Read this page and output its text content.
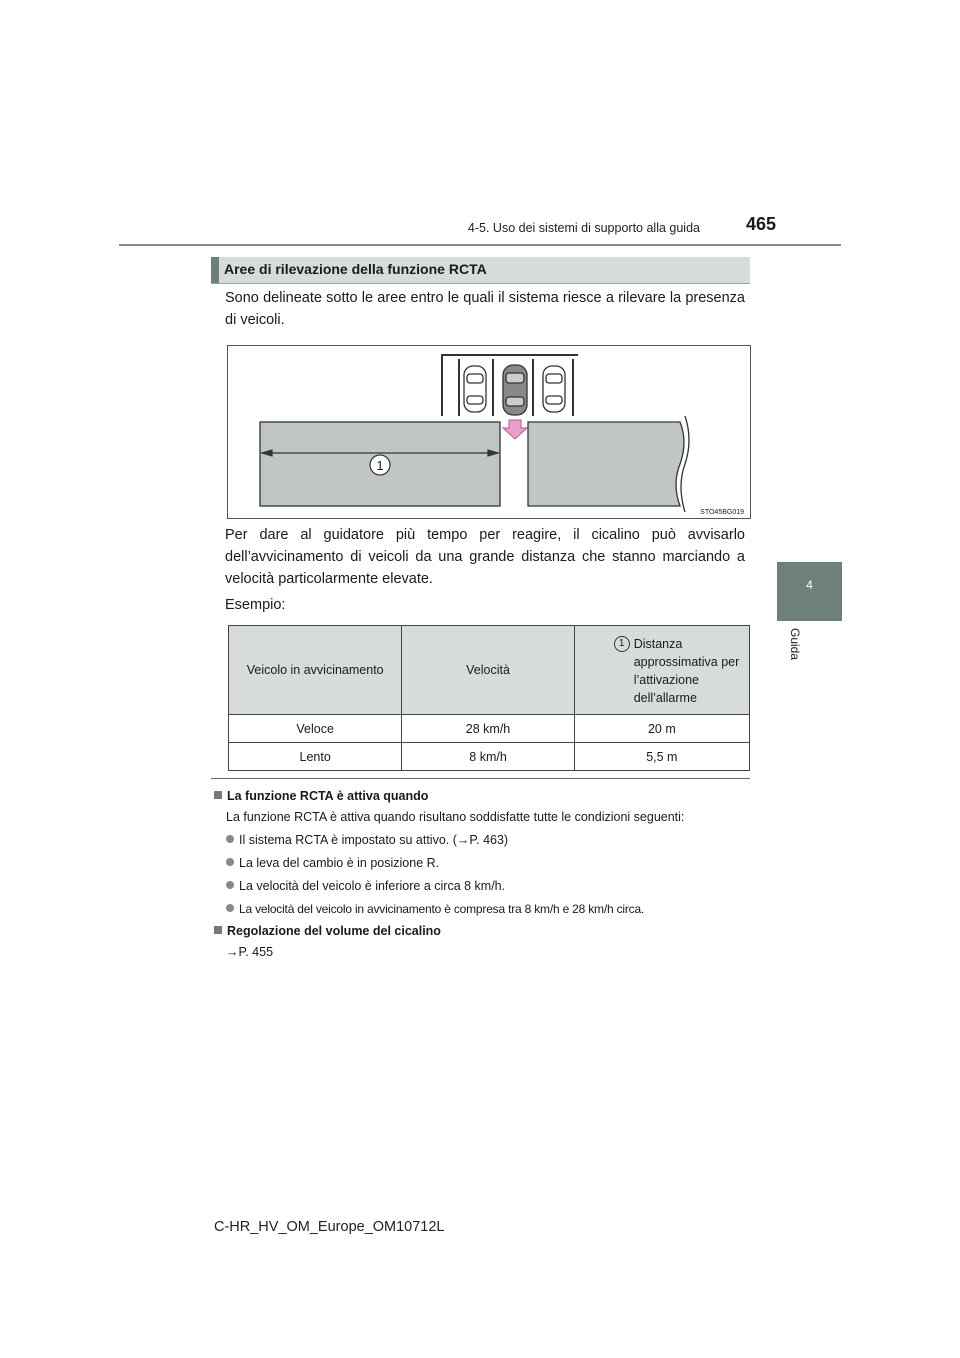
4-5. Uso dei sistemi di supporto alla guida	465
4
Guida
Aree di rilevazione della funzione RCTA
Sono delineate sotto le aree entro le quali il sistema riesce a rilevare la presenza di veicoli.
1
STO45BG019
Per dare al guidatore più tempo per reagire, il cicalino può avvisarlo dell’avvicinamento di veicoli da una grande distanza che stanno marciando a velocità particolarmente elevate.
Esempio:
Veicolo in avvicinamento	Velocità	1 Distanza approssimativa per l’attivazione dell’allarme

Veloce	28 km/h	20 m
Lento	8 km/h	5,5 m
La funzione RCTA è attiva quando
La funzione RCTA è attiva quando risultano soddisfatte tutte le condizioni seguenti:
Il sistema RCTA è impostato su attivo. (→P. 463)
La leva del cambio è in posizione R.
La velocità del veicolo è inferiore a circa 8 km/h.
La velocità del veicolo in avvicinamento è compresa tra 8 km/h e 28 km/h circa.
Regolazione del volume del cicalino
→P. 455
C-HR_HV_OM_Europe_OM10712L
